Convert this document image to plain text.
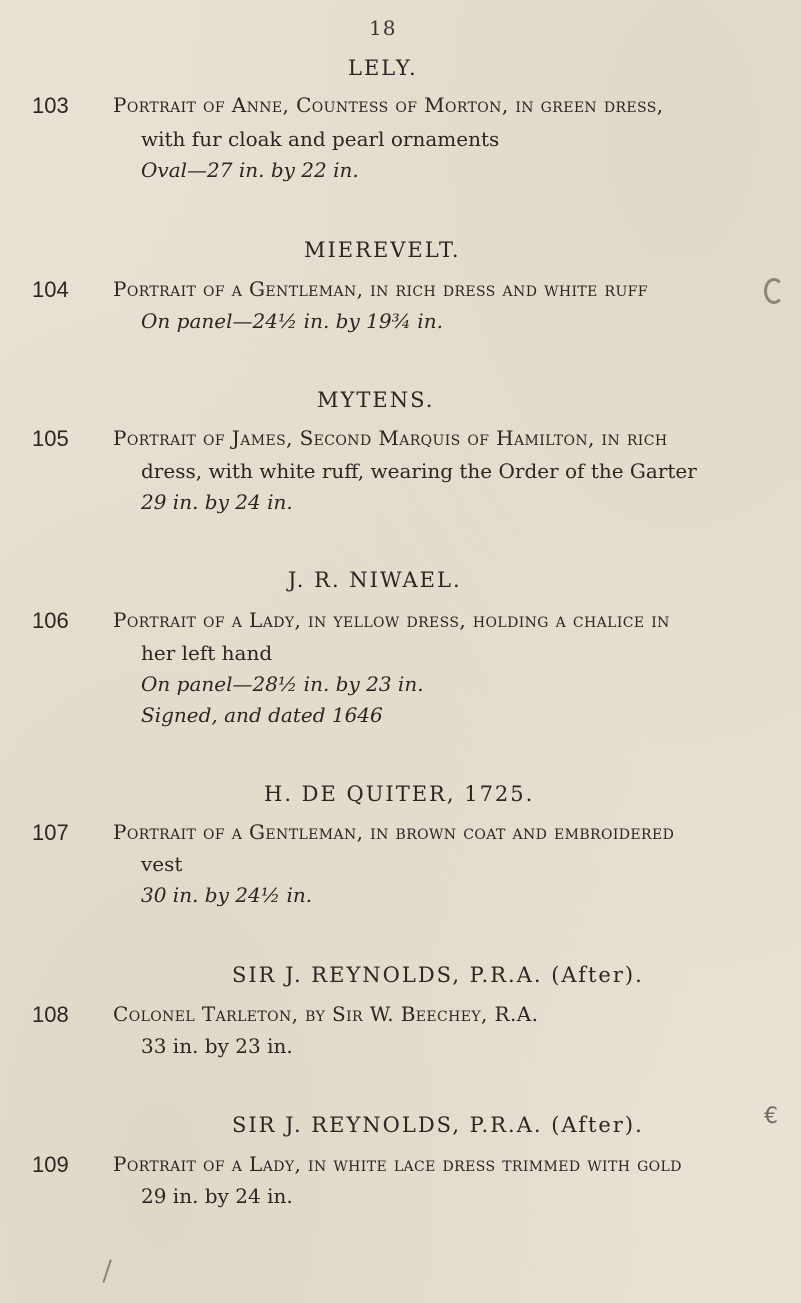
18
LELY.
103 Portrait of Anne, Countess of Morton, in green dress,
with fur cloak and pearl ornaments
Oval—27 in. by 22 in.
MIEREVELT.
104 Portrait of a Gentleman, in rich dress and white ruff
On panel—24½ in. by 19¾ in.
MYTENS.
105 Portrait of James, Second Marquis of Hamilton, in rich
dress, with white ruff, wearing the Order of the Garter
29 in. by 24 in.
J. R. NIWAEL.
106 Portrait of a Lady, in yellow dress, holding a chalice in
her left hand
On panel—28½ in. by 23 in.
Signed, and dated 1646
H. DE QUITER, 1725.
107 Portrait of a Gentleman, in brown coat and embroidered
vest
30 in. by 24½ in.
SIR J. REYNOLDS, P.R.A. (After).
108 Colonel Tarleton, by Sir W. Beechey, R.A.
33 in. by 23 in.
SIR J. REYNOLDS, P.R.A. (After).
109 Portrait of a Lady, in white lace dress trimmed with gold
29 in. by 24 in.
€
